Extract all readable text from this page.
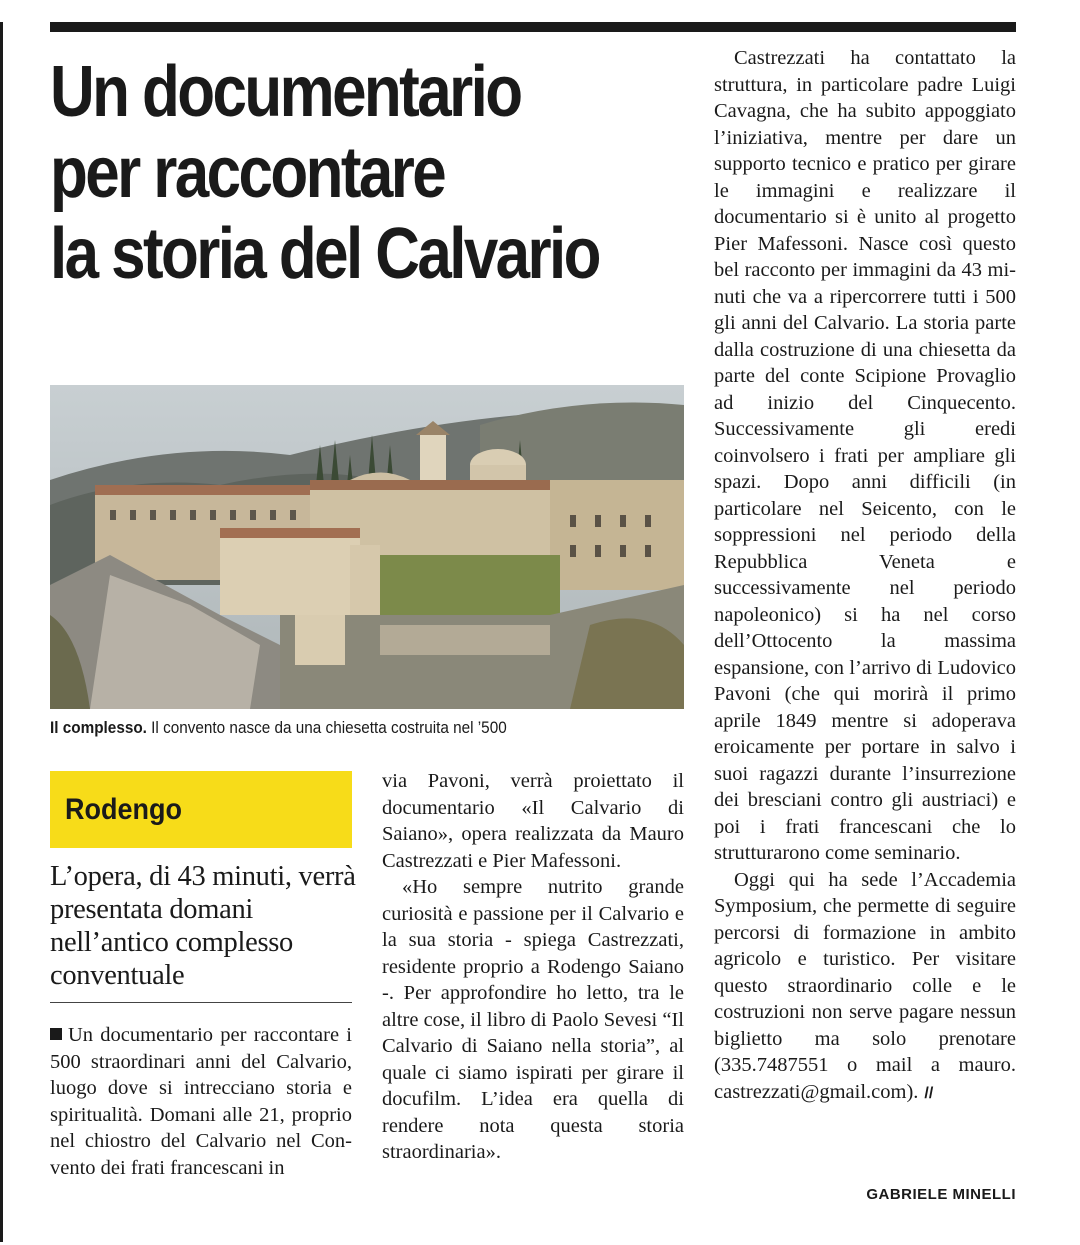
Un documentario
per raccontare
la storia del Calvario
Il complesso. Il convento nasce da una chiesetta costruita nel ’500
Rodengo
L’opera, di 43 minuti, verrà presentata domani nell’antico complesso conventuale

Un documentario per raccontare i 500 straordinari anni del Calvario, luogo dove si intrecciano storia e spiritualità. Domani alle 21, proprio nel chiostro del Calvario nel Convento dei frati francescani in

via Pavoni, verrà proiettato il documentario «Il Calvario di Saiano», opera realizzata da Mauro Castrezzati e Pier Mafessoni.

«Ho sempre nutrito grande curiosità e passione per il Calvario e la sua storia - spiega Castrezzati, residente proprio a Rodengo Saiano -. Per approfondire ho letto, tra le altre cose, il libro di Paolo Sevesi “Il Calvario di Saiano nella storia”, al quale ci siamo ispirati per girare il docufilm. L’idea era quella di rendere nota questa storia straordinaria».

Castrezzati ha contattato la struttura, in particolare padre Luigi Cavagna, che ha subito appoggiato l’iniziativa, mentre per dare un supporto tecnico e pratico per girare le immagini e realizzare il documentario si è unito al progetto Pier Mafessoni. Nasce così questo bel racconto per immagini da 43 minuti che va a ripercorrere tutti i 500 gli anni del Calvario. La storia parte dalla costruzione di una chiesetta da parte del conte Scipione Provaglio ad inizio del Cinquecento. Successivamente gli eredi coinvolsero i frati per ampliare gli spazi. Dopo anni difficili (in particolare nel Seicento, con le soppressioni nel periodo della Repubblica Veneta e successivamente nel periodo napoleonico) si ha nel corso dell’Ottocento la massima espansione, con l’arrivo di Ludovico Pavoni (che qui morirà il primo aprile 1849 mentre si adoperava eroicamente per portare in salvo i suoi ragazzi durante l’insurrezione dei bresciani contro gli austriaci) e poi i frati francescani che lo strutturarono come seminario.

Oggi qui ha sede l’Accademia Symposium, che permette di seguire percorsi di formazione in ambito agricolo e turistico. Per visitare questo straordinario colle e le costruzioni non serve pagare nessun biglietto ma solo prenotare (335.7487551 o mail a mauro. castrezzati@gmail.com). //

GABRIELE MINELLI
